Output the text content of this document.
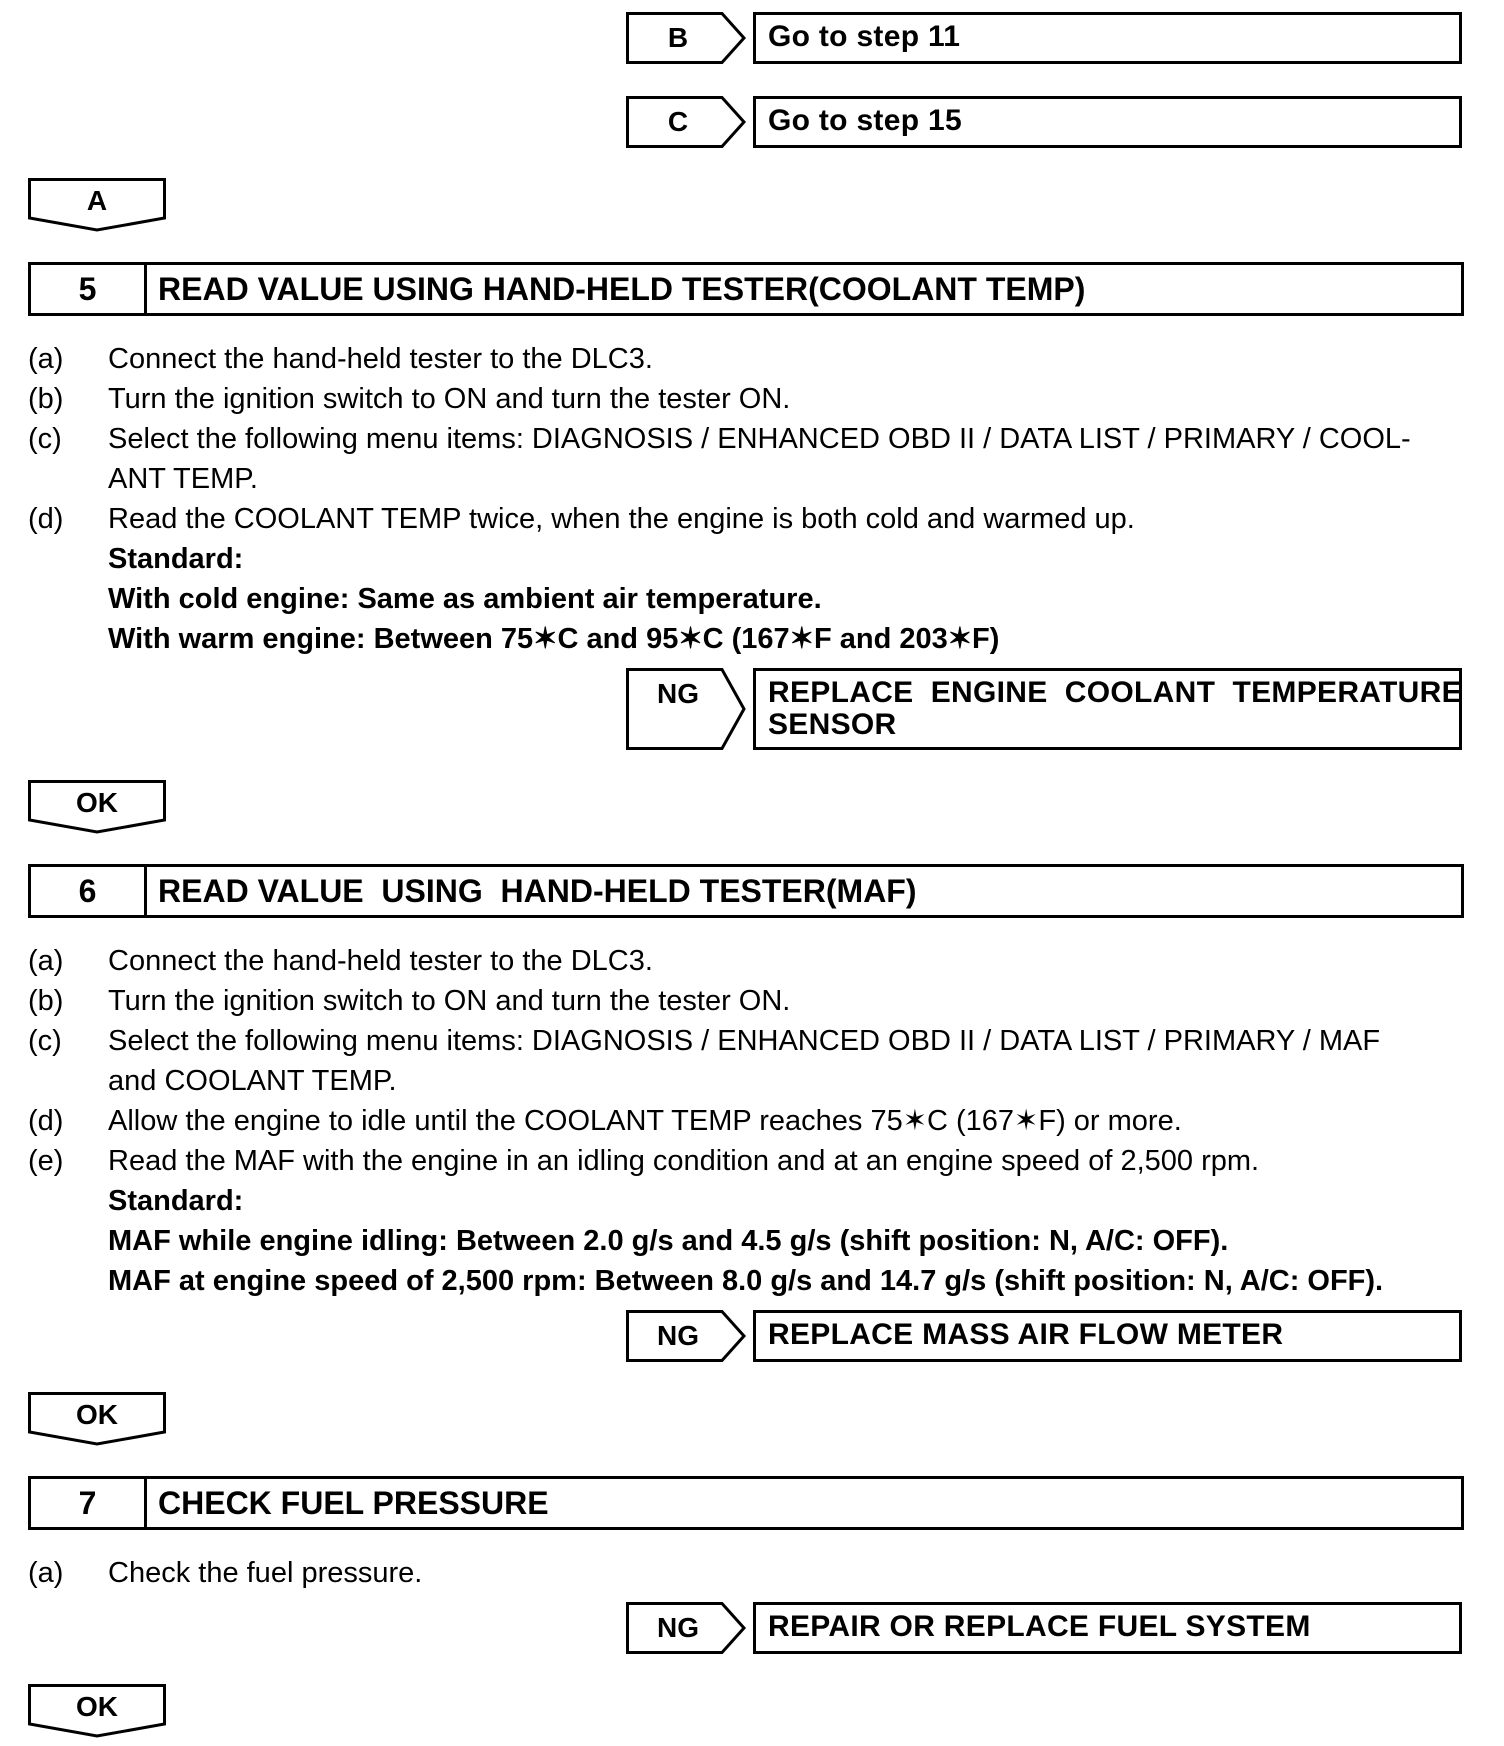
B	Go to step 11
C	Go to step 15
A
5	READ VALUE USING HAND-HELD TESTER(COOLANT TEMP)
(a) Connect the hand-held tester to the DLC3.
(b) Turn the ignition switch to ON and turn the tester ON.
(c) Select the following menu items: DIAGNOSIS / ENHANCED OBD II / DATA LIST / PRIMARY / COOL-
ANT TEMP.
(d) Read the COOLANT TEMP twice, when the engine is both cold and warmed up.
Standard:
With cold engine: Same as ambient air temperature.
With warm engine: Between 75✶C and 95✶C (167✶F and 203✶F)
NG	REPLACE  ENGINE  COOLANT  TEMPERATURE
SENSOR
OK
6	READ VALUE  USING  HAND-HELD TESTER(MAF)
(a) Connect the hand-held tester to the DLC3.
(b) Turn the ignition switch to ON and turn the tester ON.
(c) Select the following menu items: DIAGNOSIS / ENHANCED OBD II / DATA LIST / PRIMARY / MAF
and COOLANT TEMP.
(d) Allow the engine to idle until the COOLANT TEMP reaches 75✶C (167✶F) or more.
(e) Read the MAF with the engine in an idling condition and at an engine speed of 2,500 rpm.
Standard:
MAF while engine idling: Between 2.0 g/s and 4.5 g/s (shift position: N, A/C: OFF).
MAF at engine speed of 2,500 rpm: Between 8.0 g/s and 14.7 g/s (shift position: N, A/C: OFF).
NG	REPLACE MASS AIR FLOW METER
OK
7	CHECK FUEL PRESSURE
(a) Check the fuel pressure.
NG	REPAIR OR REPLACE FUEL SYSTEM
OK
